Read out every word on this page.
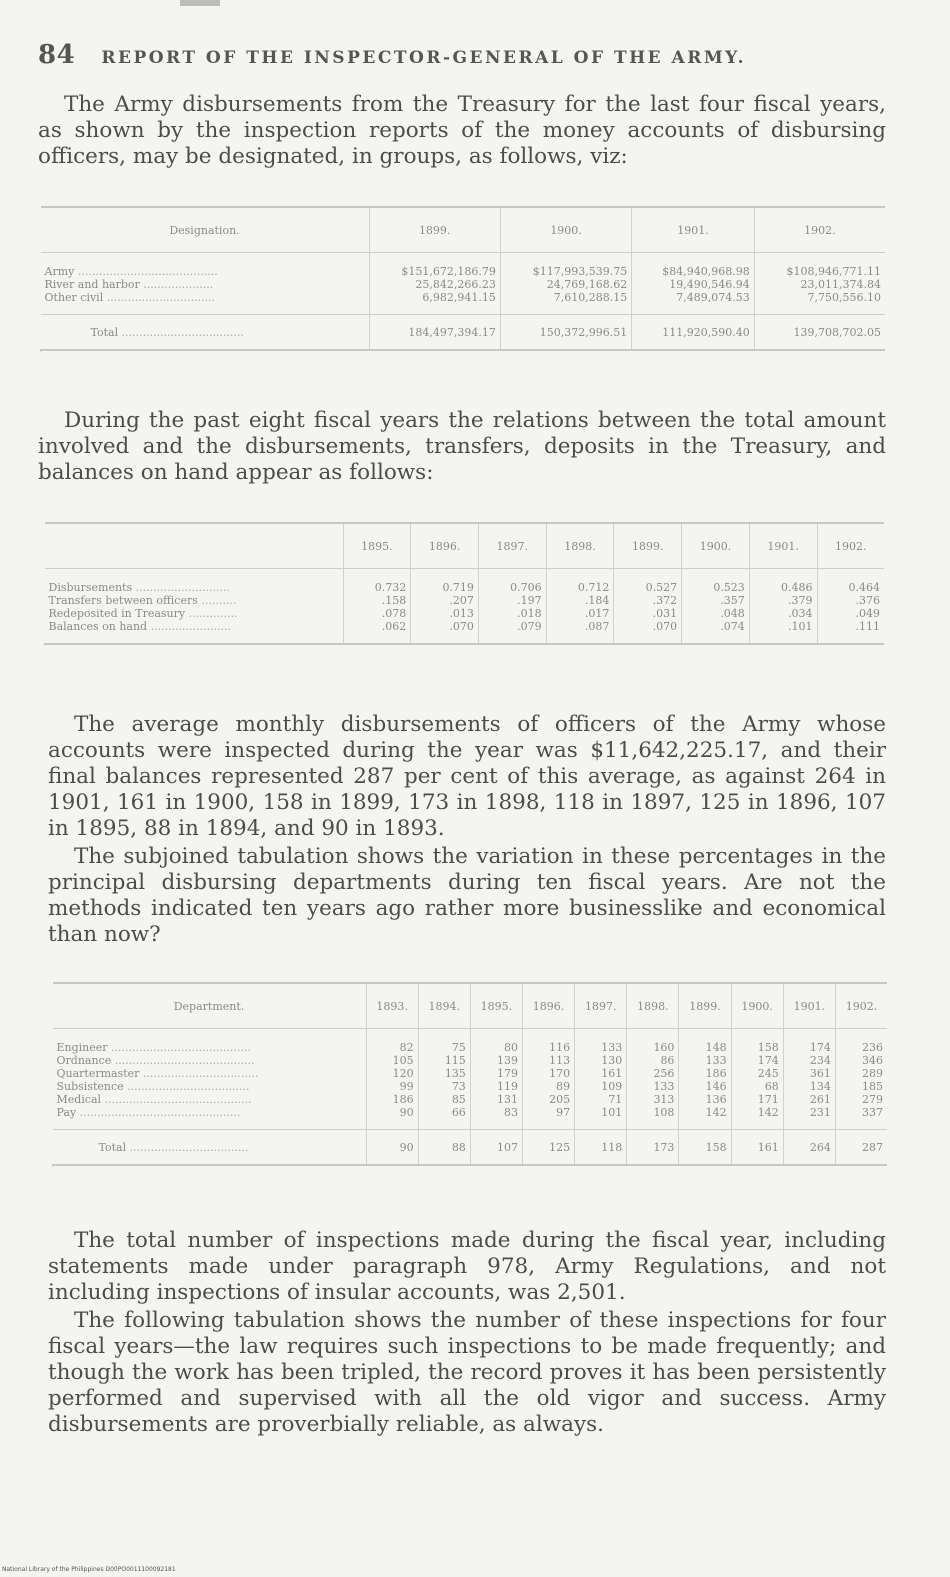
84 REPORT OF THE INSPECTOR-GENERAL OF THE ARMY.

The Army disbursements from the Treasury for the last four fiscal years, as shown by the inspection reports of the money accounts of disbursing officers, may be designated, in groups, as follows, viz:

Designation.	1899.	1900.	1901.	1902.
Army ........................................	$151,672,186.79	$117,993,539.75	$84,940,968.98	$108,946,771.11
River and harbor ....................	25,842,266.23	24,769,168.62	19,490,546.94	23,011,374.84
Other civil ...............................	6,982,941.15	7,610,288.15	7,489,074.53	7,750,556.10
Total ...................................	184,497,394.17	150,372,996.51	111,920,590.40	139,708,702.05

During the past eight fiscal years the relations between the total amount involved and the disbursements, transfers, deposits in the Treasury, and balances on hand appear as follows:

	1895.	1896.	1897.	1898.	1899.	1900.	1901.	1902.
Disbursements ...........................	0.732	0.719	0.706	0.712	0.527	0.523	0.486	0.464
Transfers between officers ..........	.158	.207	.197	.184	.372	.357	.379	.376
Redeposited in Treasury ..............	.078	.013	.018	.017	.031	.048	.034	.049
Balances on hand .......................	.062	.070	.079	.087	.070	.074	.101	.111

The average monthly disbursements of officers of the Army whose accounts were inspected during the year was $11,642,225.17, and their final balances represented 287 per cent of this average, as against 264 in 1901, 161 in 1900, 158 in 1899, 173 in 1898, 118 in 1897, 125 in 1896, 107 in 1895, 88 in 1894, and 90 in 1893.

The subjoined tabulation shows the variation in these percentages in the principal disbursing departments during ten fiscal years. Are not the methods indicated ten years ago rather more businesslike and economical than now?

Department.	1893.	1894.	1895.	1896.	1897.	1898.	1899.	1900.	1901.	1902.
Engineer ........................................	82	75	80	116	133	160	148	158	174	236
Ordnance ........................................	105	115	139	113	130	86	133	174	234	346
Quartermaster .................................	120	135	179	170	161	256	186	245	361	289
Subsistence ...................................	99	73	119	89	109	133	146	68	134	185
Medical ..........................................	186	85	131	205	71	313	136	171	261	279
Pay ..............................................	90	66	83	97	101	108	142	142	231	337
Total ..................................	90	88	107	125	118	173	158	161	264	287

The total number of inspections made during the fiscal year, including statements made under paragraph 978, Army Regulations, and not including inspections of insular accounts, was 2,501.

The following tabulation shows the number of these inspections for four fiscal years—the law requires such inspections to be made frequently; and though the work has been tripled, the record proves it has been persistently performed and supervised with all the old vigor and success. Army disbursements are proverbially reliable, as always.

National Library of the Philippines D00PO0011100092181
